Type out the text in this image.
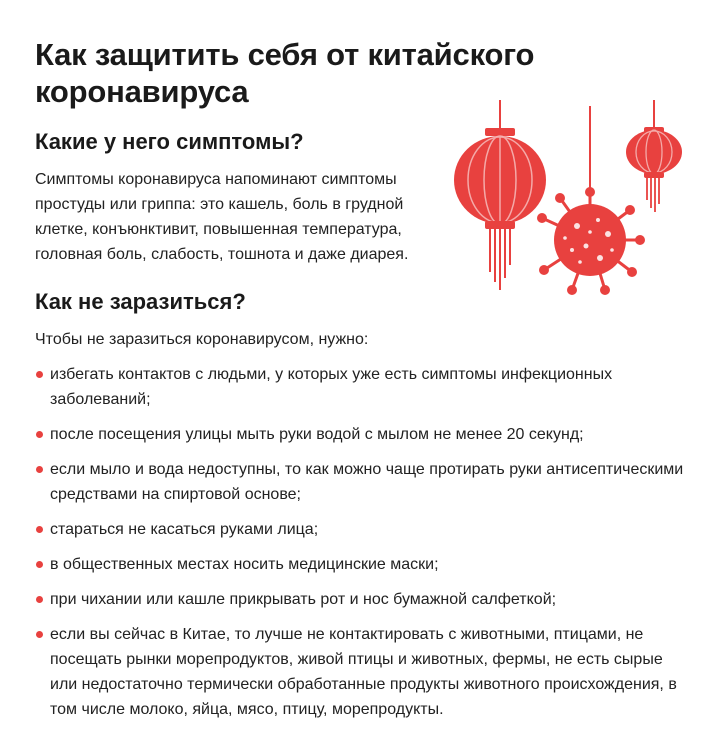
Как защитить себя от китайского коронавируса
Какие у него симптомы?

Симптомы коронавируса напоминают симптомы простуды или гриппа: это кашель, боль в грудной клетке, конъюнктивит, повышенная температура, головная боль, слабость, тошнота и даже диарея.

Как не заразиться?

Чтобы не заразиться коронавирусом, нужно:

избегать контактов с людьми, у которых уже есть симптомы инфекционных заболеваний;
после посещения улицы мыть руки водой с мылом не менее 20 секунд;
если мыло и вода недоступны, то как можно чаще протирать руки антисептическими средствами на спиртовой основе;
стараться не касаться руками лица;
в общественных местах носить медицинские маски;
при чихании или кашле прикрывать рот и нос бумажной салфеткой;
если вы сейчас в Китае, то лучше не контактировать с животными, птицами, не посещать рынки морепродуктов, живой птицы и животных, фермы, не есть сырые или недостаточно термически обработанные продукты животного происхождения, в том числе молоко, яйца, мясо, птицу, морепродукты.
